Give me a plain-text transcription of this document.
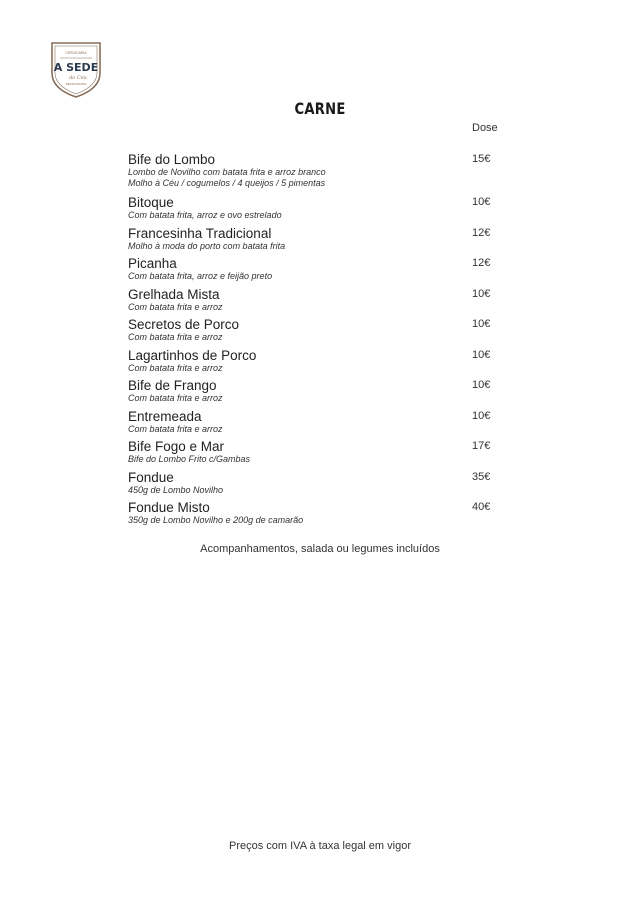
CERVEJARIA
A SEDE
do Céu
RESTAURANTE
CARNE
Dose
Bife do Lombo
Lombo de Novilho com batata frita e arroz branco
Molho à Céu / cogumelos / 4 queijos / 5 pimentas
15€
Bitoque
Com batata frita, arroz e ovo estrelado
10€
Francesinha Tradicional
Molho à moda do porto com batata frita
12€
Picanha
Com batata frita, arroz e feijão preto
12€
Grelhada Mista
Com batata frita e arroz
10€
Secretos de Porco
Com batata frita e arroz
10€
Lagartinhos de Porco
Com batata frita e arroz
10€
Bife de Frango
Com batata frita e arroz
10€
Entremeada
Com batata frita e arroz
10€
Bife Fogo e Mar
Bife do Lombo Frito c/Gambas
17€
Fondue
450g de Lombo Novilho
35€
Fondue Misto
350g de Lombo Novilho e 200g de camarão
40€
Acompanhamentos, salada ou legumes incluídos
Preços com IVA à taxa legal em vigor
